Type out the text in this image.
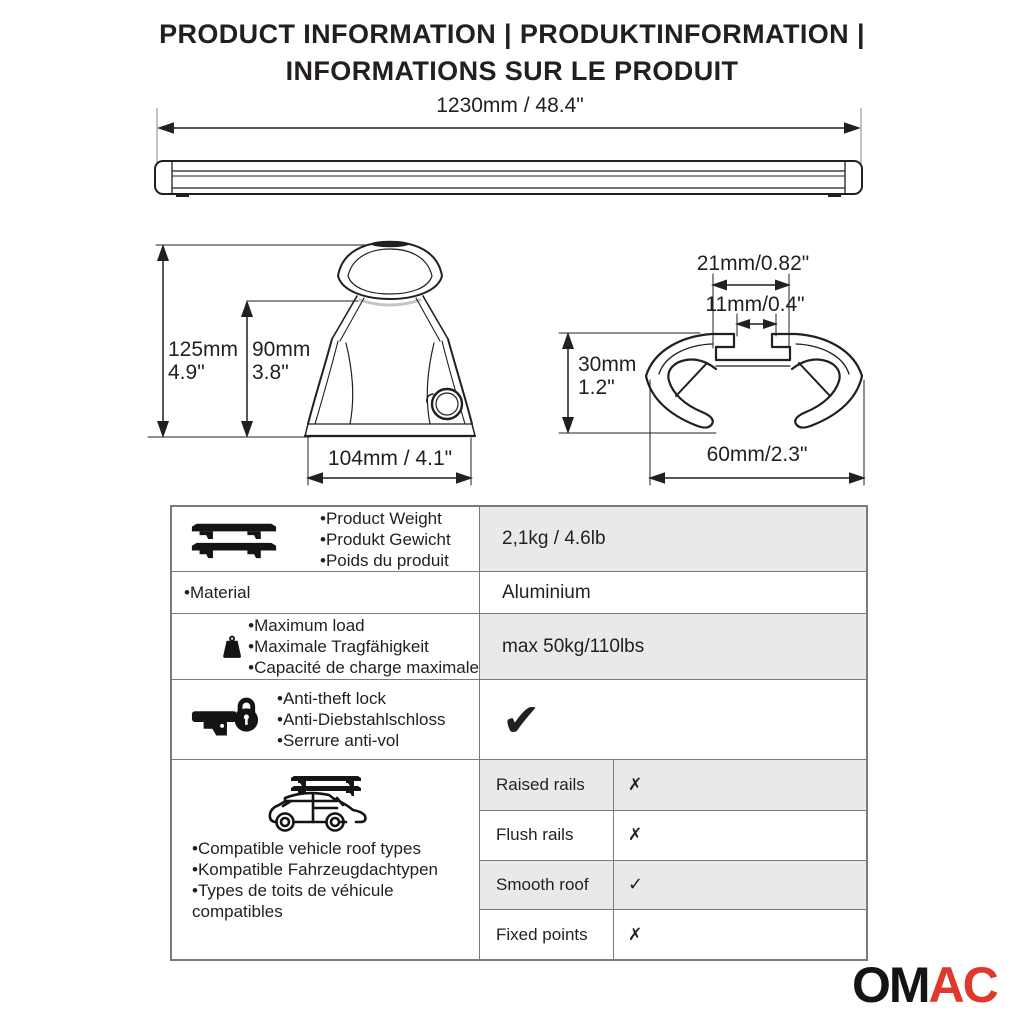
PRODUCT INFORMATION | PRODUKTINFORMATION |
INFORMATIONS SUR LE PRODUIT
1230mm / 48.4"
125mm
4.9"
90mm
3.8"
104mm / 4.1"
21mm/0.82"
11mm/0.4"
30mm
1.2"
60mm/2.3"
•Product Weight
•Produkt Gewicht
•Poids du produit
2,1kg / 4.6lb
•Material	Aluminium
•Maximum load
•Maximale Tragfähigkeit
•Capacité de charge maximale
max 50kg/110lbs
•Anti-theft lock
•Anti-Diebstahlschloss
•Serrure anti-vol	✔
•Compatible vehicle roof types
•Kompatible Fahrzeugdachtypen
•Types de toits de véhicule
compatibles
Raised rails	✗
Flush rails	✗
Smooth roof	✓
Fixed points	✗
OMAC
